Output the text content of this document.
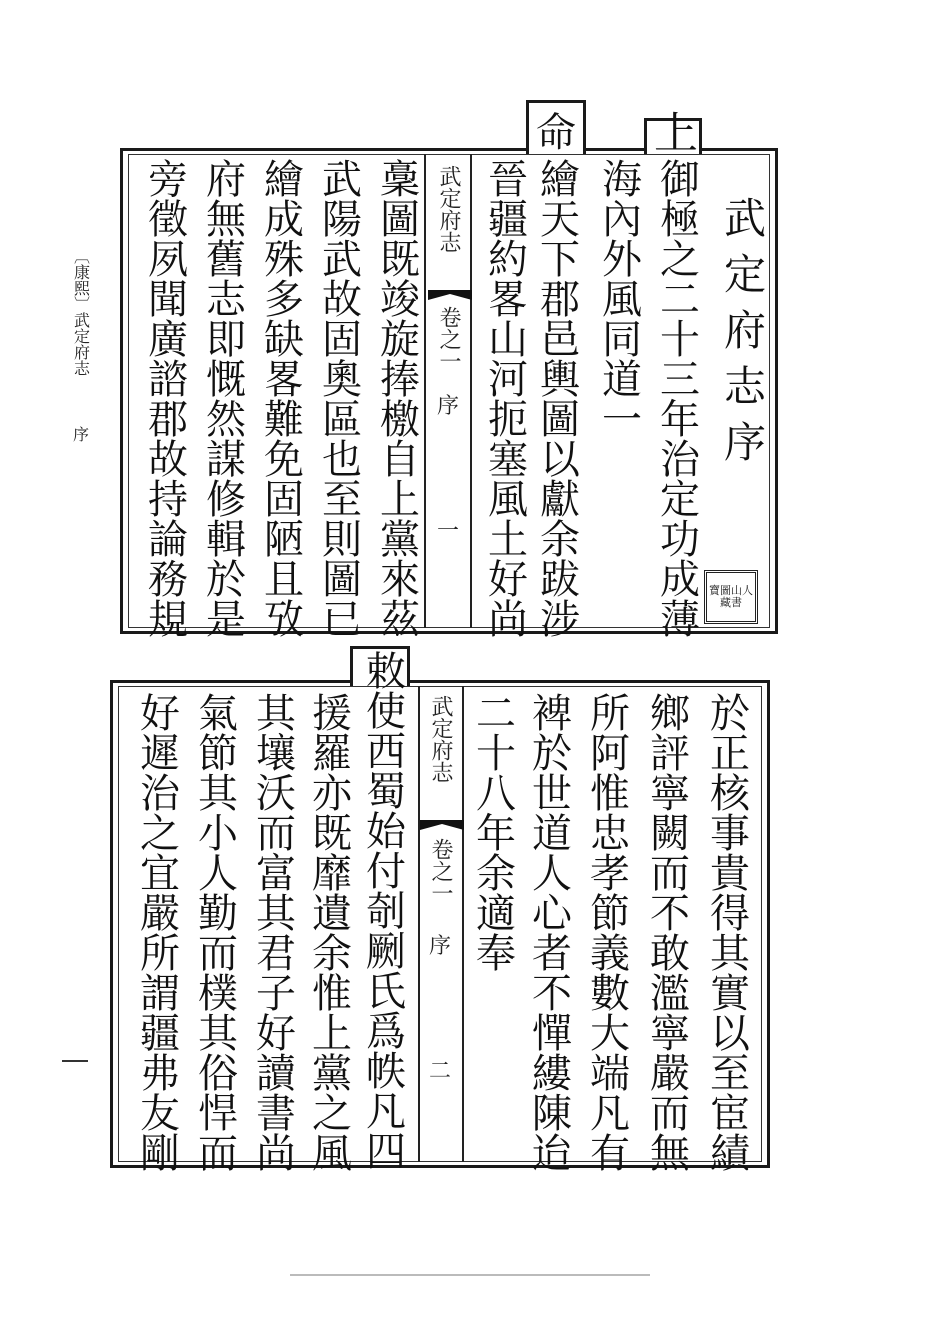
〔康熙〕武定府志
序	武定府志序
寶圖山人藏書
上
御極之二十三年治定功成薄
海內外風同道一
命
繪天下郡邑輿圖以獻余跋涉
晉疆約畧山河扼塞風土好尚
武定府志
卷之一
序
一
稾圖既竣旋捧檄自上黨來茲
武陽武故固奧區也至則圖已
繪成殊多缺畧難免固陋且攷
府無舊志即慨然謀修輯於是
旁徵夙聞廣諮郡故持論務規
於正核事貴得其實以至宦績
鄉評寧闕而不敢濫寧嚴而無
所阿惟忠孝節義數大端凡有
裨於世道人心者不憚縷陳迨
二十八年余適奉
武定府志
卷之一
序
二
敕使西蜀始付剞劂氏爲帙凡四
援羅亦既靡遺余惟上黨之風
其壤沃而富其君子好讀書尚
氣節其小人勤而樸其俗悍而
好遲治之宜嚴所謂疆弗友剛
